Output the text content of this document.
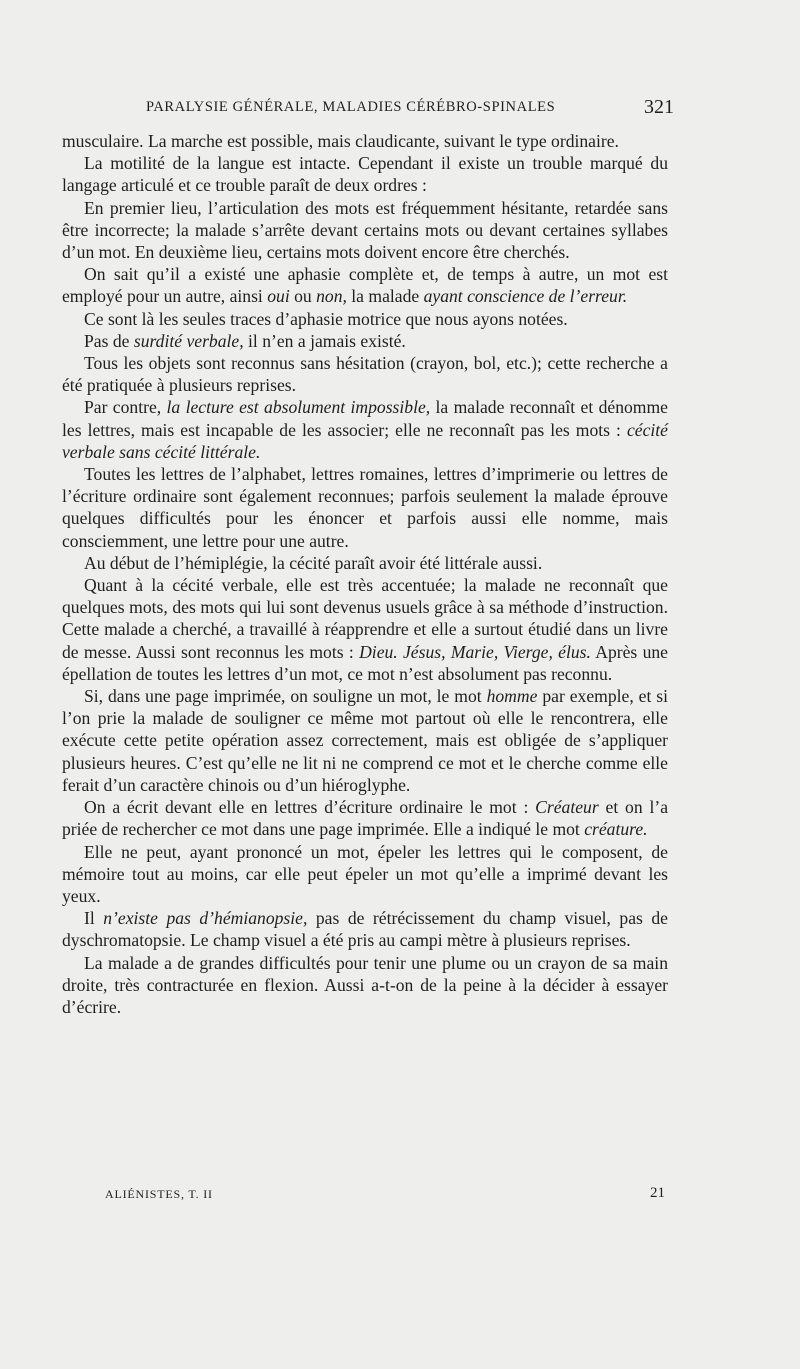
PARALYSIE GÉNÉRALE, MALADIES CÉRÉBRO-SPINALES	321

musculaire. La marche est possible, mais claudicante, suivant le type ordinaire.

La motilité de la langue est intacte. Cependant il existe un trouble marqué du langage articulé et ce trouble paraît de deux ordres :

En premier lieu, l’articulation des mots est fréquemment hésitante, retardée sans être incorrecte; la malade s’arrête devant certains mots ou devant certaines syllabes d’un mot. En deuxième lieu, certains mots doivent encore être cherchés.

On sait qu’il a existé une aphasie complète et, de temps à autre, un mot est employé pour un autre, ainsi oui ou non, la malade ayant conscience de l’erreur.

Ce sont là les seules traces d’aphasie motrice que nous ayons notées.

Pas de surdité verbale, il n’en a jamais existé.

Tous les objets sont reconnus sans hésitation (crayon, bol, etc.); cette recherche a été pratiquée à plusieurs reprises.

Par contre, la lecture est absolument impossible, la malade reconnaît et dénomme les lettres, mais est incapable de les associer; elle ne reconnaît pas les mots : cécité verbale sans cécité littérale.

Toutes les lettres de l’alphabet, lettres romaines, lettres d’imprimerie ou lettres de l’écriture ordinaire sont également reconnues; parfois seulement la malade éprouve quelques difficultés pour les énoncer et parfois aussi elle nomme, mais consciemment, une lettre pour une autre.

Au début de l’hémiplégie, la cécité paraît avoir été littérale aussi.

Quant à la cécité verbale, elle est très accentuée; la malade ne reconnaît que quelques mots, des mots qui lui sont devenus usuels grâce à sa méthode d’instruction. Cette malade a cherché, a travaillé à réapprendre et elle a surtout étudié dans un livre de messe. Aussi sont reconnus les mots : Dieu. Jésus, Marie, Vierge, élus. Après une épellation de toutes les lettres d’un mot, ce mot n’est absolument pas reconnu.

Si, dans une page imprimée, on souligne un mot, le mot homme par exemple, et si l’on prie la malade de souligner ce même mot partout où elle le rencontrera, elle exécute cette petite opération assez correctement, mais est obligée de s’appliquer plusieurs heures. C’est qu’elle ne lit ni ne comprend ce mot et le cherche comme elle ferait d’un caractère chinois ou d’un hiéroglyphe.

On a écrit devant elle en lettres d’écriture ordinaire le mot : Créateur et on l’a priée de rechercher ce mot dans une page imprimée. Elle a indiqué le mot créature.

Elle ne peut, ayant prononcé un mot, épeler les lettres qui le composent, de mémoire tout au moins, car elle peut épeler un mot qu’elle a imprimé devant les yeux.

Il n’existe pas d’hémianopsie, pas de rétrécissement du champ visuel, pas de dyschromatopsie. Le champ visuel a été pris au campi mètre à plusieurs reprises.

La malade a de grandes difficultés pour tenir une plume ou un crayon de sa main droite, très contracturée en flexion. Aussi a-t-on de la peine à la décider à essayer d’écrire.

ALIÉNISTES, T. II	21
